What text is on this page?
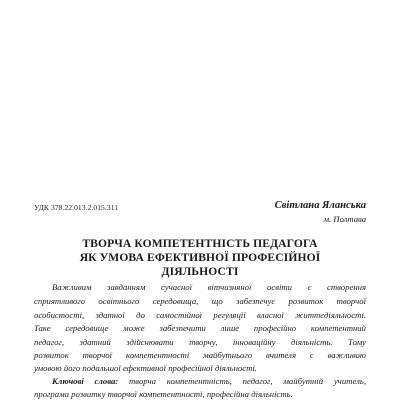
УДК 378.22.013.2.015.311	Світлана Яланська
м. Полтава
ТВОРЧА КОМПЕТЕНТНІСТЬ ПЕДАГОГА
ЯК УМОВА ЕФЕКТИВНОЇ ПРОФЕСІЙНОЇ
ДІЯЛЬНОСТІ
Важливим завданням сучасної вітчизняної освіти є створення
сприятливого освітнього середовища, що забезпечує розвиток творчої
особистості, здатної до самостійної регуляції власної життєдіяльності.
Таке середовище може забезпечити лише професійно компетентний
педагог, здатний здійснювати творчу, інноваційну діяльність. Тому
розвиток творчої компетентності майбутнього вчителя є важливою
умовою його подальшої ефективної професійної діяльності.
Ключові слова: творча компетентність, педагог, майбутній учитель,
програма розвитку творчої компетентності, професійна діяльність.
